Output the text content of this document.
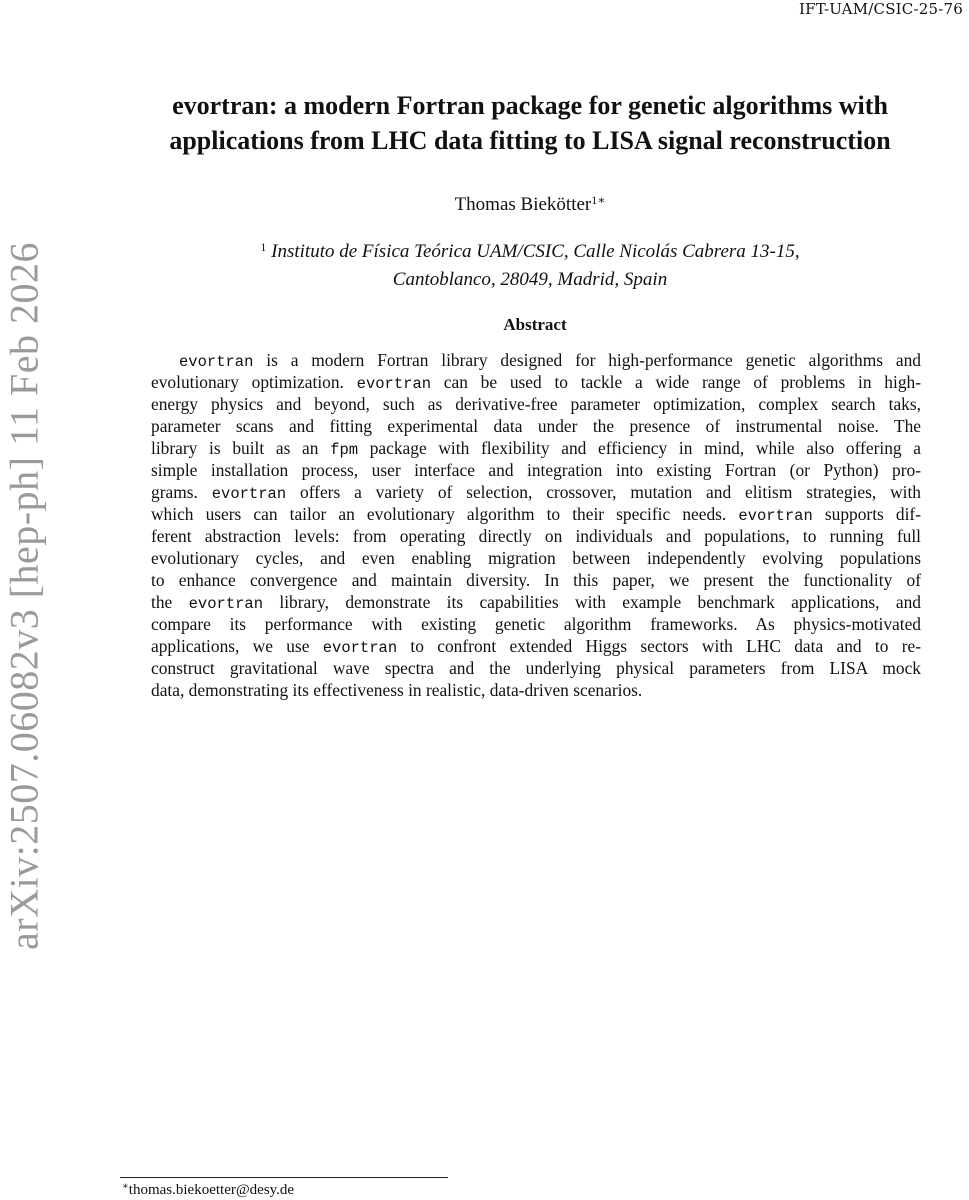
IFT-UAM/CSIC-25-76
arXiv:2507.06082v3 [hep-ph] 11 Feb 2026
evortran: a modern Fortran package for genetic algorithms with
applications from LHC data fitting to LISA signal reconstruction
Thomas Biekötter$^{1∗}$
$^1$ Instituto de Física Teórica UAM/CSIC, Calle Nicolás Cabrera 13-15,
Cantoblanco, 28049, Madrid, Spain
Abstract
evortran is a modern Fortran library designed for high-performance genetic algorithms and
evolutionary optimization. evortran can be used to tackle a wide range of problems in high-
energy physics and beyond, such as derivative-free parameter optimization, complex search taks,
parameter scans and fitting experimental data under the presence of instrumental noise. The
library is built as an fpm package with flexibility and efficiency in mind, while also offering a
simple installation process, user interface and integration into existing Fortran (or Python) pro-
grams. evortran offers a variety of selection, crossover, mutation and elitism strategies, with
which users can tailor an evolutionary algorithm to their specific needs. evortran supports dif-
ferent abstraction levels: from operating directly on individuals and populations, to running full
evolutionary cycles, and even enabling migration between independently evolving populations
to enhance convergence and maintain diversity. In this paper, we present the functionality of
the evortran library, demonstrate its capabilities with example benchmark applications, and
compare its performance with existing genetic algorithm frameworks. As physics-motivated
applications, we use evortran to confront extended Higgs sectors with LHC data and to re-
construct gravitational wave spectra and the underlying physical parameters from LISA mock
data, demonstrating its effectiveness in realistic, data-driven scenarios.
∗thomas.biekoetter@desy.de
